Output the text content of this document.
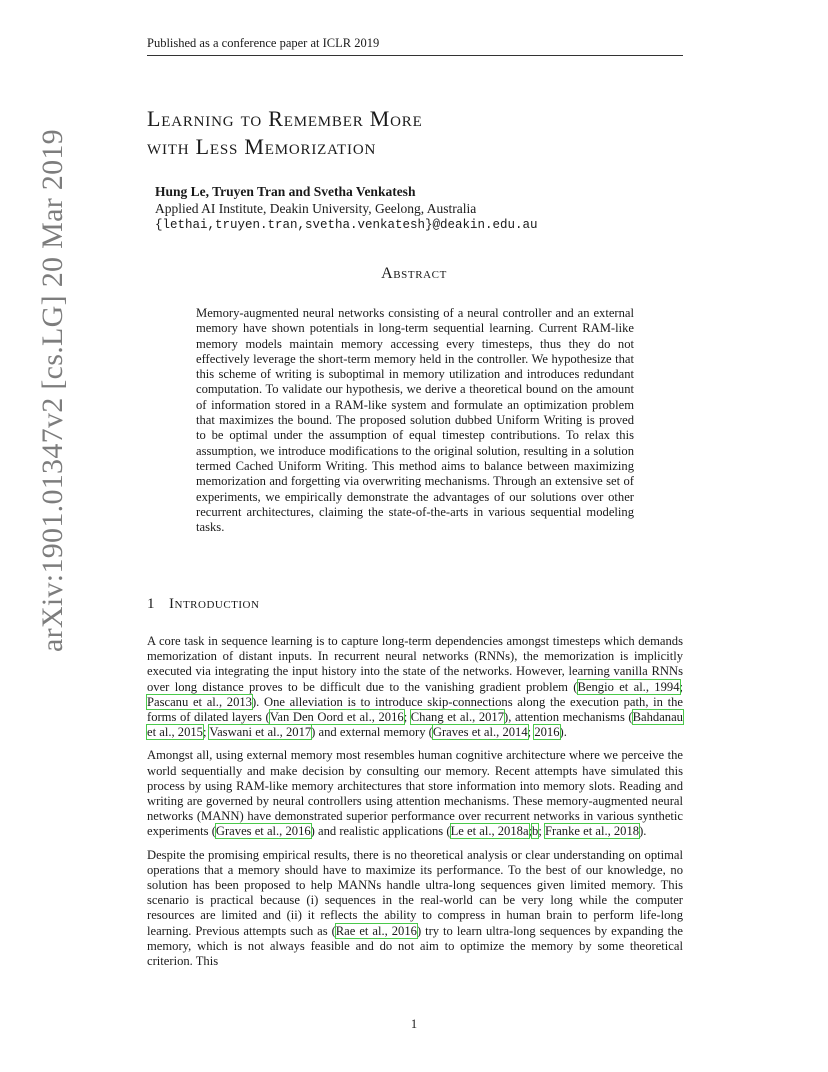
Published as a conference paper at ICLR 2019
arXiv:1901.01347v2 [cs.LG] 20 Mar 2019
Learning to Remember More
with Less Memorization
Hung Le, Truyen Tran and Svetha Venkatesh
Applied AI Institute, Deakin University, Geelong, Australia
{lethai,truyen.tran,svetha.venkatesh}@deakin.edu.au
Abstract
Memory-augmented neural networks consisting of a neural controller and an external memory have shown potentials in long-term sequential learning. Current RAM-like memory models maintain memory accessing every timesteps, thus they do not effectively leverage the short-term memory held in the controller. We hypothesize that this scheme of writing is suboptimal in memory utilization and introduces redundant computation. To validate our hypothesis, we derive a theoretical bound on the amount of information stored in a RAM-like system and formulate an optimization problem that maximizes the bound. The proposed solution dubbed Uniform Writing is proved to be optimal under the assumption of equal timestep contributions. To relax this assumption, we introduce modifications to the original solution, resulting in a solution termed Cached Uniform Writing. This method aims to balance between maximizing memorization and forgetting via overwriting mechanisms. Through an extensive set of experiments, we empirically demonstrate the advantages of our solutions over other recurrent architectures, claiming the state-of-the-arts in various sequential modeling tasks.
1 Introduction

A core task in sequence learning is to capture long-term dependencies amongst timesteps which demands memorization of distant inputs. In recurrent neural networks (RNNs), the memorization is implicitly executed via integrating the input history into the state of the networks. However, learning vanilla RNNs over long distance proves to be difficult due to the vanishing gradient problem (Bengio et al., 1994; Pascanu et al., 2013). One alleviation is to introduce skip-connections along the execution path, in the forms of dilated layers (Van Den Oord et al., 2016; Chang et al., 2017), attention mechanisms (Bahdanau et al., 2015; Vaswani et al., 2017) and external memory (Graves et al., 2014; 2016).

Amongst all, using external memory most resembles human cognitive architecture where we perceive the world sequentially and make decision by consulting our memory. Recent attempts have simulated this process by using RAM-like memory architectures that store information into memory slots. Reading and writing are governed by neural controllers using attention mechanisms. These memory-augmented neural networks (MANN) have demonstrated superior performance over recurrent networks in various synthetic experiments (Graves et al., 2016) and realistic applications (Le et al., 2018a;b; Franke et al., 2018).

Despite the promising empirical results, there is no theoretical analysis or clear understanding on optimal operations that a memory should have to maximize its performance. To the best of our knowledge, no solution has been proposed to help MANNs handle ultra-long sequences given limited memory. This scenario is practical because (i) sequences in the real-world can be very long while the computer resources are limited and (ii) it reflects the ability to compress in human brain to perform life-long learning. Previous attempts such as (Rae et al., 2016) try to learn ultra-long sequences by expanding the memory, which is not always feasible and do not aim to optimize the memory by some theoretical criterion. This

1
